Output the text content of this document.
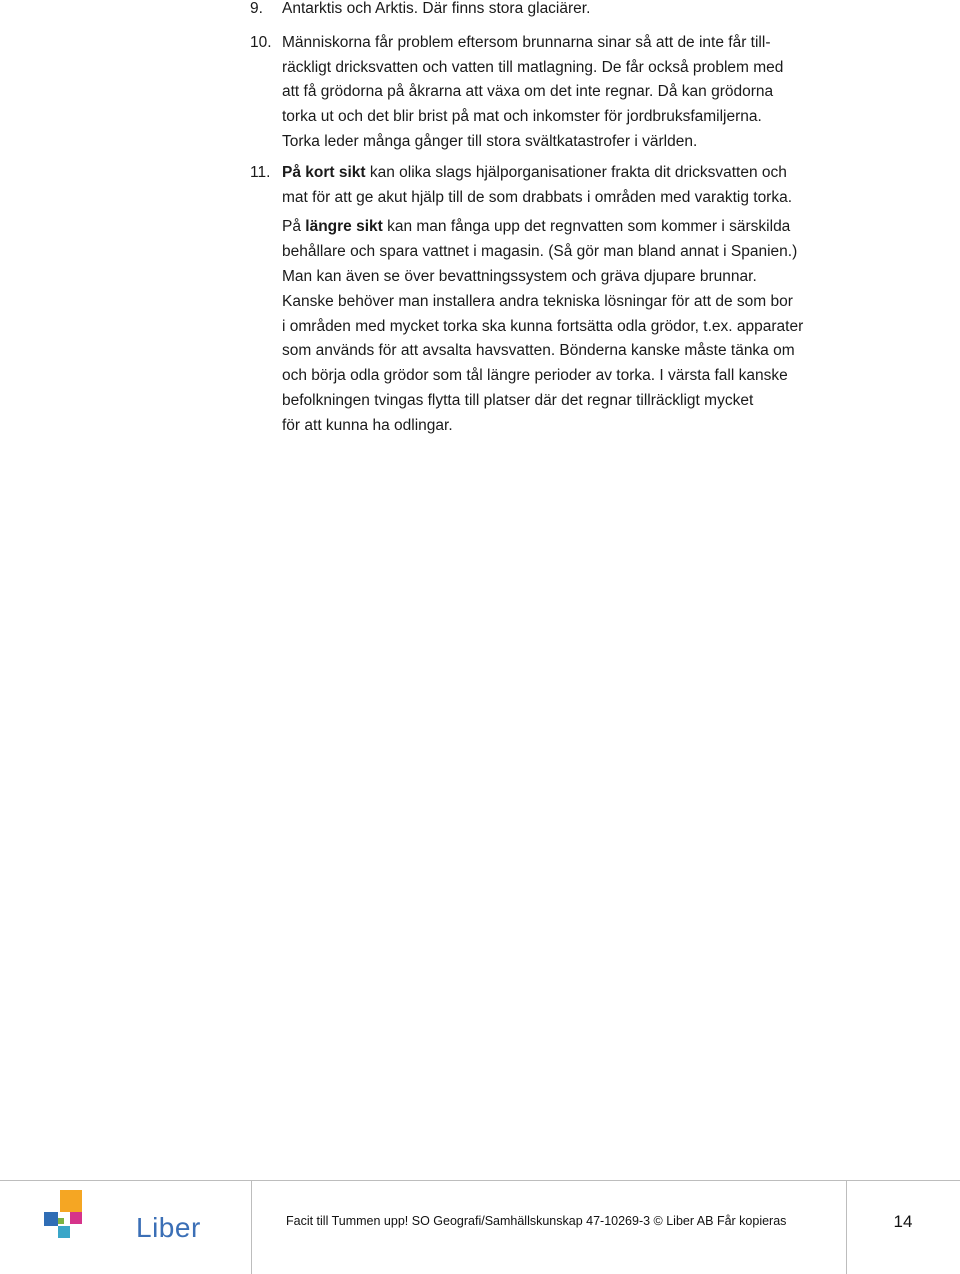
9.	Antarktis och Arktis. Där finns stora glaciärer.
10. Människorna får problem eftersom brunnarna sinar så att de inte får till-
räckligt dricksvatten och vatten till matlagning. De får också problem med
att få grödorna på åkrarna att växa om det inte regnar. Då kan grödorna
torka ut och det blir brist på mat och inkomster för jordbruksfamiljerna.
Torka leder många gånger till stora svältkatastrofer i världen.
11. På kort sikt kan olika slags hjälporganisationer frakta dit dricksvatten och
mat för att ge akut hjälp till de som drabbats i områden med varaktig torka.
På längre sikt kan man fånga upp det regnvatten som kommer i särskilda
behållare och spara vattnet i magasin. (Så gör man bland annat i Spanien.)
Man kan även se över bevattningssystem och gräva djupare brunnar.
Kanske behöver man installera andra tekniska lösningar för att de som bor
i områden med mycket torka ska kunna fortsätta odla grödor, t.ex. apparater
som används för att avsalta havsvatten. Bönderna kanske måste tänka om
och börja odla grödor som tål längre perioder av torka. I värsta fall kanske
befolkningen tvingas flytta till platser där det regnar tillräckligt mycket
för att kunna ha odlingar.
Liber	Facit till Tummen upp! SO Geografi/Samhällskunskap 47-10269-3 © Liber AB Får kopieras	14
